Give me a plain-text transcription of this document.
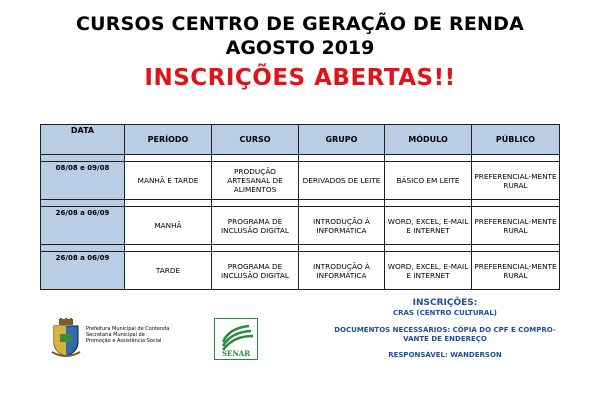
CURSOS CENTRO DE GERAÇÃO DE RENDA
AGOSTO 2019
INSCRIÇÕES ABERTAS!!
DATA	PERÍODO	CURSO	GRUPO	MÓDULO	PÚBLICO

08/08 e 09/08	MANHÃ E TARDE	PRODUÇÃO ARTESANAL DE ALIMENTOS	DERIVADOS DE LEITE	BÁSICO EM LEITE	PREFERENCIAL-MENTE RURAL

26/08 a 06/09	MANHÃ	PROGRAMA DE INCLUSÃO DIGITAL	INTRODUÇÃO À INFORMÁTICA	WORD, EXCEL, E-MAIL E INTERNET	PREFERENCIAL-MENTE RURAL

26/08 a 06/09	TARDE	PROGRAMA DE INCLUSÃO DIGITAL	INTRODUÇÃO À INFORMÁTICA	WORD, EXCEL, E-MAIL E INTERNET	PREFERENCIAL-MENTE RURAL
Prefeitura Municipal de Contenda
Secretaria Municipal de
Promoção e Assistência Social
SENAR
INSCRIÇÕES:
CRAS (CENTRO CULTURAL)
DOCUMENTOS NECESSÁRIOS: CÓPIA DO CPF E COMPRO-
VANTE DE ENDEREÇO
RESPONSÁVEL: WANDERSON
